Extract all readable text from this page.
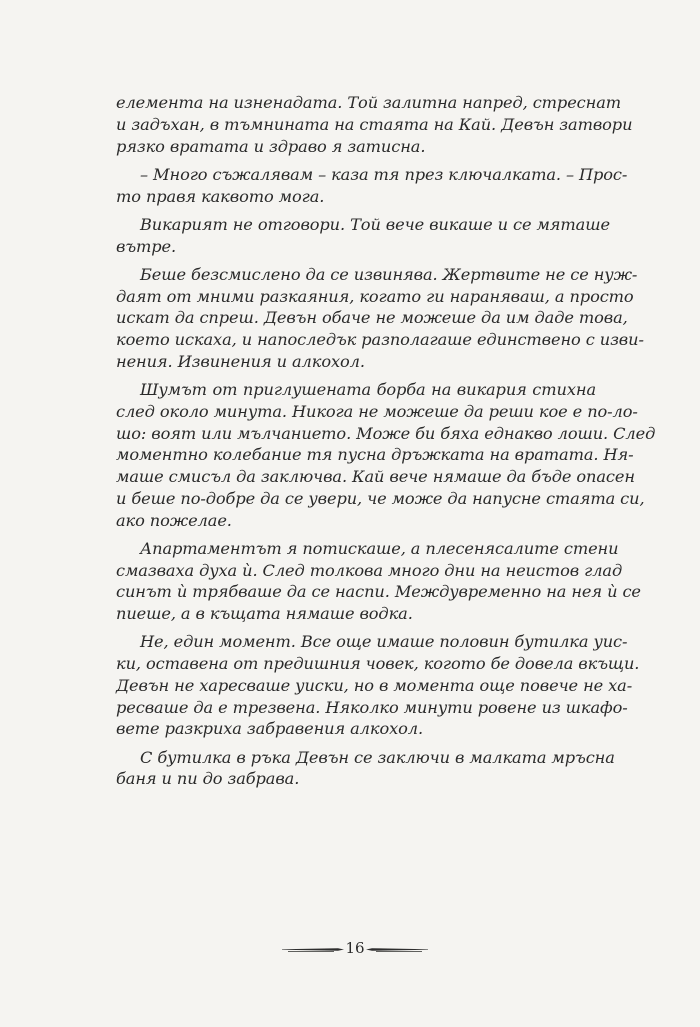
елемента на изненадата. Той залитна напред, стреснат
и задъхан, в тъмнината на стаята на Кай. Девън затвори
рязко вратата и здраво я затисна.
– Много съжалявам – каза тя през ключалката. – Прос-
то правя каквото мога.
Викарият не отговори. Той вече викаше и се мяташе
вътре.
Беше безсмислено да се извинява. Жертвите не се нуж-
даят от мними разкаяния, когато ги нараняваш, а просто
искат да спреш. Девън обаче не можеше да им даде това,
което искаха, и напоследък разполагаше единствено с изви-
нения. Извинения и алкохол.
Шумът от приглушената борба на викария стихна
след около минута. Никога не можеше да реши кое е по-ло-
шо: воят или мълчанието. Може би бяха еднакво лоши. След
моментно колебание тя пусна дръжката на вратата. Ня-
маше смисъл да заключва. Кай вече нямаше да бъде опасен
и беше по-добре да се увери, че може да напусне стаята си,
ако пожелае.
Апартаментът я потискаше, а плесенясалите стени
смазваха духа ѝ. След толкова много дни на неистов глад
синът ѝ трябваше да се наспи. Междувременно на нея ѝ се
пиеше, а в къщата нямаше водка.
Не, един момент. Все още имаше половин бутилка уис-
ки, оставена от предишния човек, когото бе довела вкъщи.
Девън не харесваше уиски, но в момента още повече не ха-
ресваше да е трезвена. Няколко минути ровене из шкафо-
вете разкриха забравения алкохол.
С бутилка в ръка Девън се заключи в малката мръсна
баня и пи до забрава.
16
